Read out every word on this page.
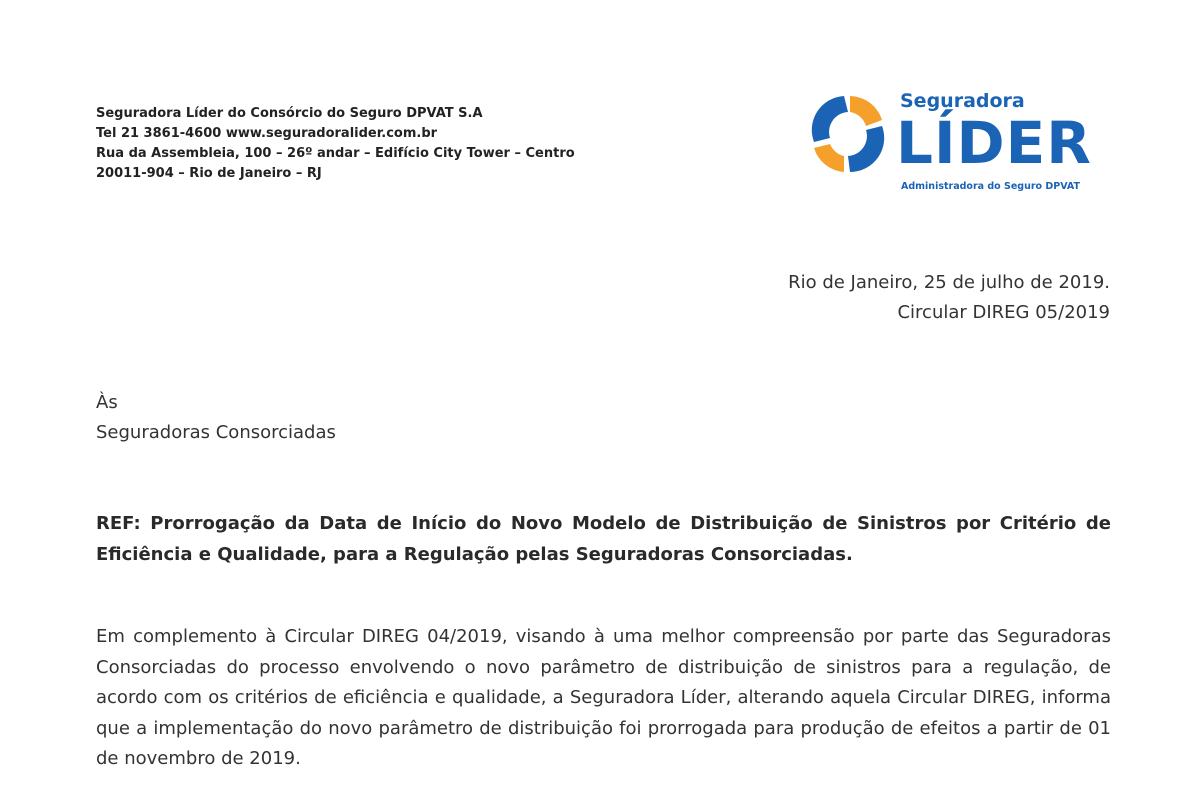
Seguradora Líder do Consórcio do Seguro DPVAT S.A
Tel 21 3861-4600 www.seguradoralider.com.br
Rua da Assembleia, 100 – 26º andar – Edifício City Tower – Centro
20011-904 – Rio de Janeiro – RJ
Seguradora
LÍDER
Administradora do Seguro DPVAT
Rio de Janeiro, 25 de julho de 2019.
Circular DIREG 05/2019
Às
Seguradoras Consorciadas
REF: Prorrogação da Data de Início do Novo Modelo de Distribuição de Sinistros por Critério de Eficiência e Qualidade, para a Regulação pelas Seguradoras Consorciadas.
Em complemento à Circular DIREG 04/2019, visando à uma melhor compreensão por parte das Seguradoras Consorciadas do processo envolvendo o novo parâmetro de distribuição de sinistros para a regulação, de acordo com os critérios de eficiência e qualidade, a Seguradora Líder, alterando aquela Circular DIREG, informa que a implementação do novo parâmetro de distribuição foi prorrogada para produção de efeitos a partir de 01 de novembro de 2019.
